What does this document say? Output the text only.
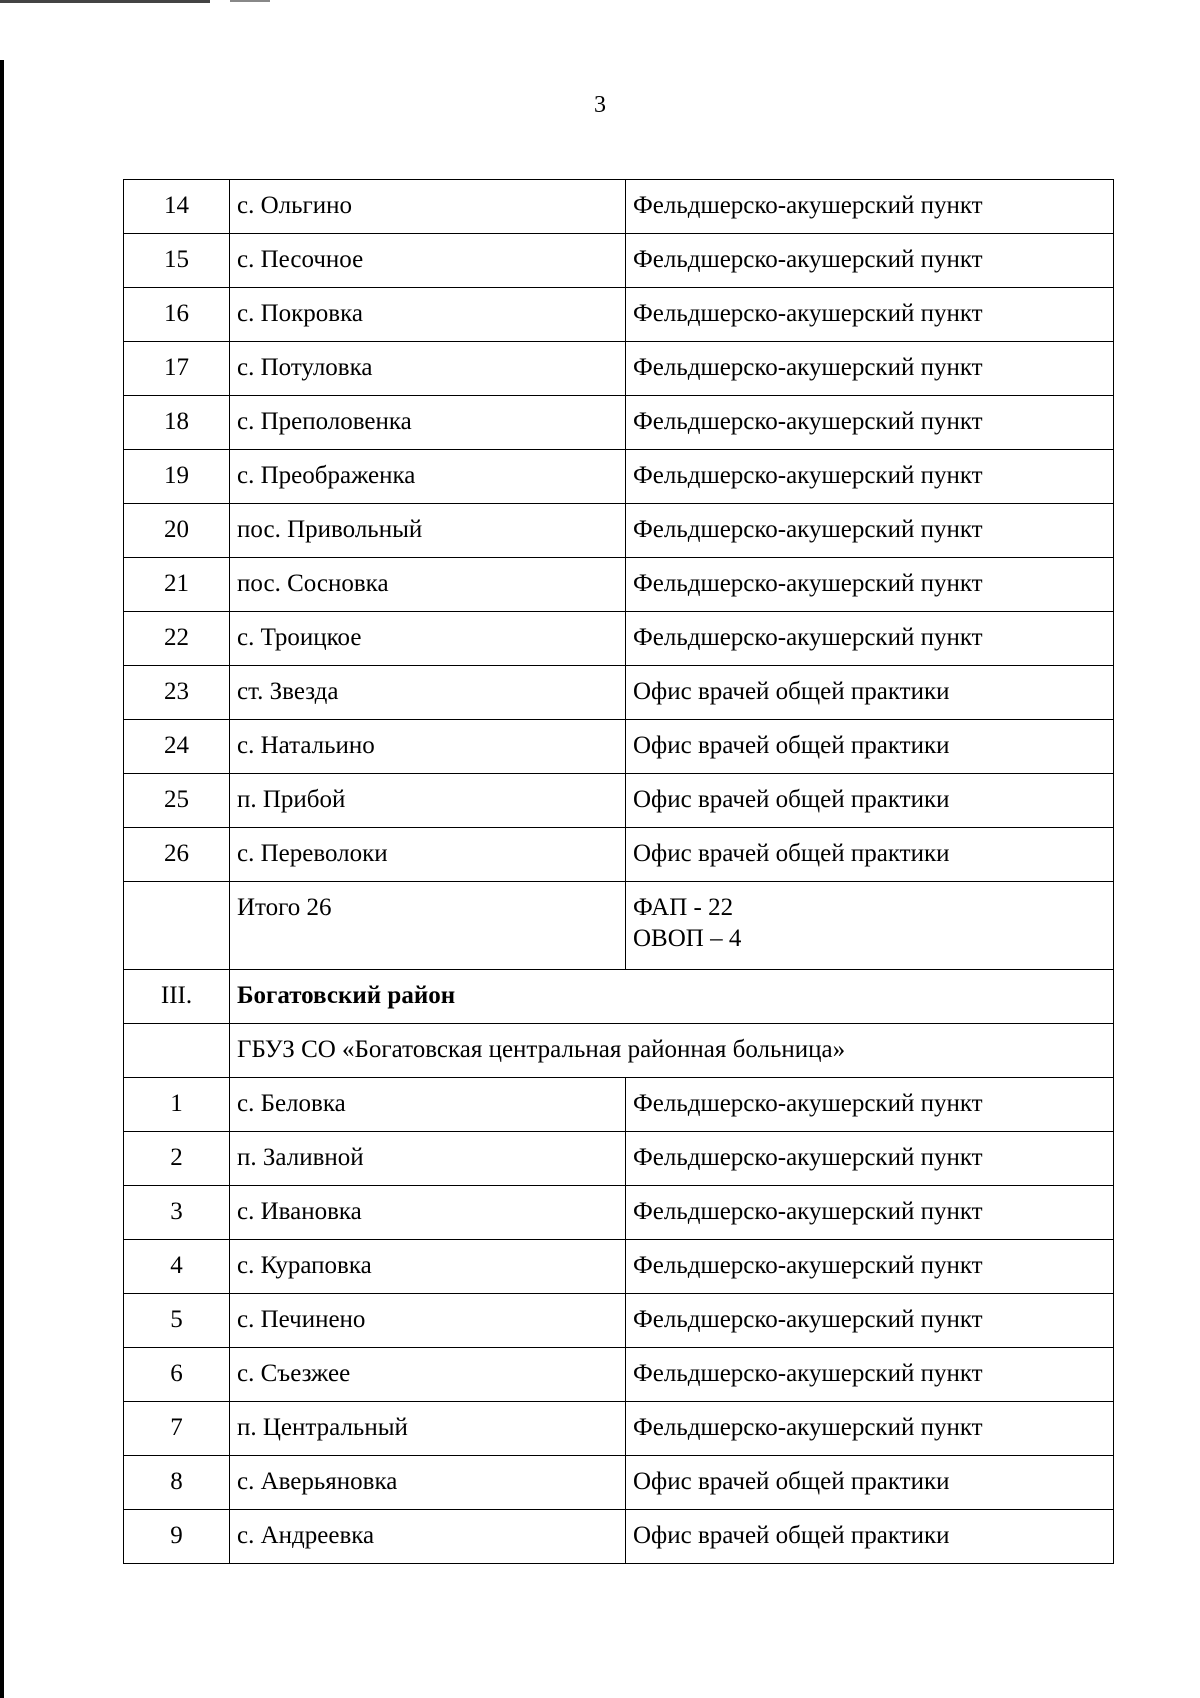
3
14	с. Ольгино	Фельдшерско-акушерский пункт
15	с. Песочное	Фельдшерско-акушерский пункт
16	с. Покровка	Фельдшерско-акушерский пункт
17	с. Потуловка	Фельдшерско-акушерский пункт
18	с. Преполовенка	Фельдшерско-акушерский пункт
19	с. Преображенка	Фельдшерско-акушерский пункт
20	пос. Привольный	Фельдшерско-акушерский пункт
21	пос. Сосновка	Фельдшерско-акушерский пункт
22	с. Троицкое	Фельдшерско-акушерский пункт
23	ст. Звезда	Офис врачей общей практики
24	с. Натальино	Офис врачей общей практики
25	п. Прибой	Офис врачей общей практики
26	с. Переволоки	Офис врачей общей практики
	Итого 26	ФАП - 22
ОВОП – 4

III.	Богатовский район	
	ГБУЗ СО «Богатовская центральная районная больница»	
1	с. Беловка	Фельдшерско-акушерский пункт
2	п. Заливной	Фельдшерско-акушерский пункт
3	с. Ивановка	Фельдшерско-акушерский пункт
4	с. Кураповка	Фельдшерско-акушерский пункт
5	с. Печинено	Фельдшерско-акушерский пункт
6	с. Съезжее	Фельдшерско-акушерский пункт
7	п. Центральный	Фельдшерско-акушерский пункт
8	с. Аверьяновка	Офис врачей общей практики
9	с. Андреевка	Офис врачей общей практики
